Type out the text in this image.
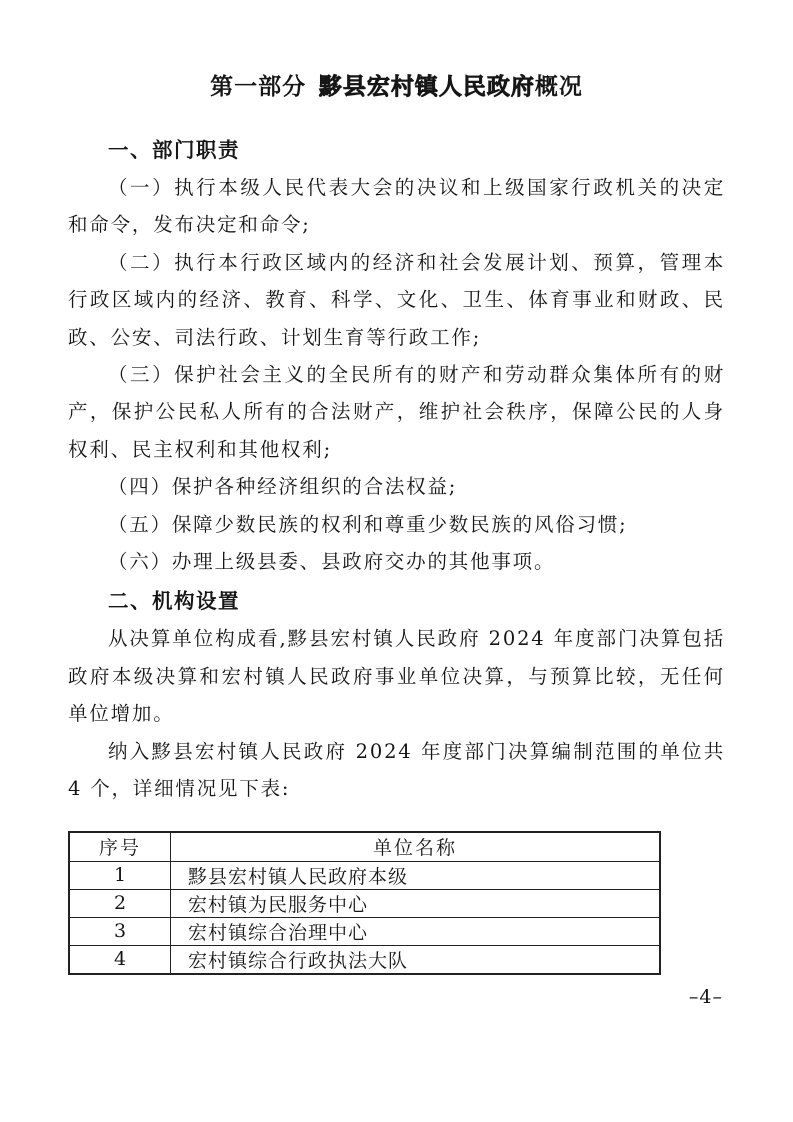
第一部分 黟县宏村镇人民政府概况
一、部门职责

（一）执行本级人民代表大会的决议和上级国家行政机关的决定和命令，发布决定和命令;

（二）执行本行政区域内的经济和社会发展计划、预算，管理本行政区域内的经济、教育、科学、文化、卫生、体育事业和财政、民政、公安、司法行政、计划生育等行政工作;

（三）保护社会主义的全民所有的财产和劳动群众集体所有的财产，保护公民私人所有的合法财产，维护社会秩序，保障公民的人身权利、民主权利和其他权利;

（四）保护各种经济组织的合法权益;

（五）保障少数民族的权利和尊重少数民族的风俗习惯;

（六）办理上级县委、县政府交办的其他事项。

二、机构设置

从决算单位构成看,黟县宏村镇人民政府 2024 年度部门决算包括政府本级决算和宏村镇人民政府事业单位决算，与预算比较，无任何单位增加。

纳入黟县宏村镇人民政府 2024 年度部门决算编制范围的单位共 4 个，详细情况见下表:

序号	单位名称
1	黟县宏村镇人民政府本级
2	宏村镇为民服务中心
3	宏村镇综合治理中心
4	宏村镇综合行政执法大队
–4–
